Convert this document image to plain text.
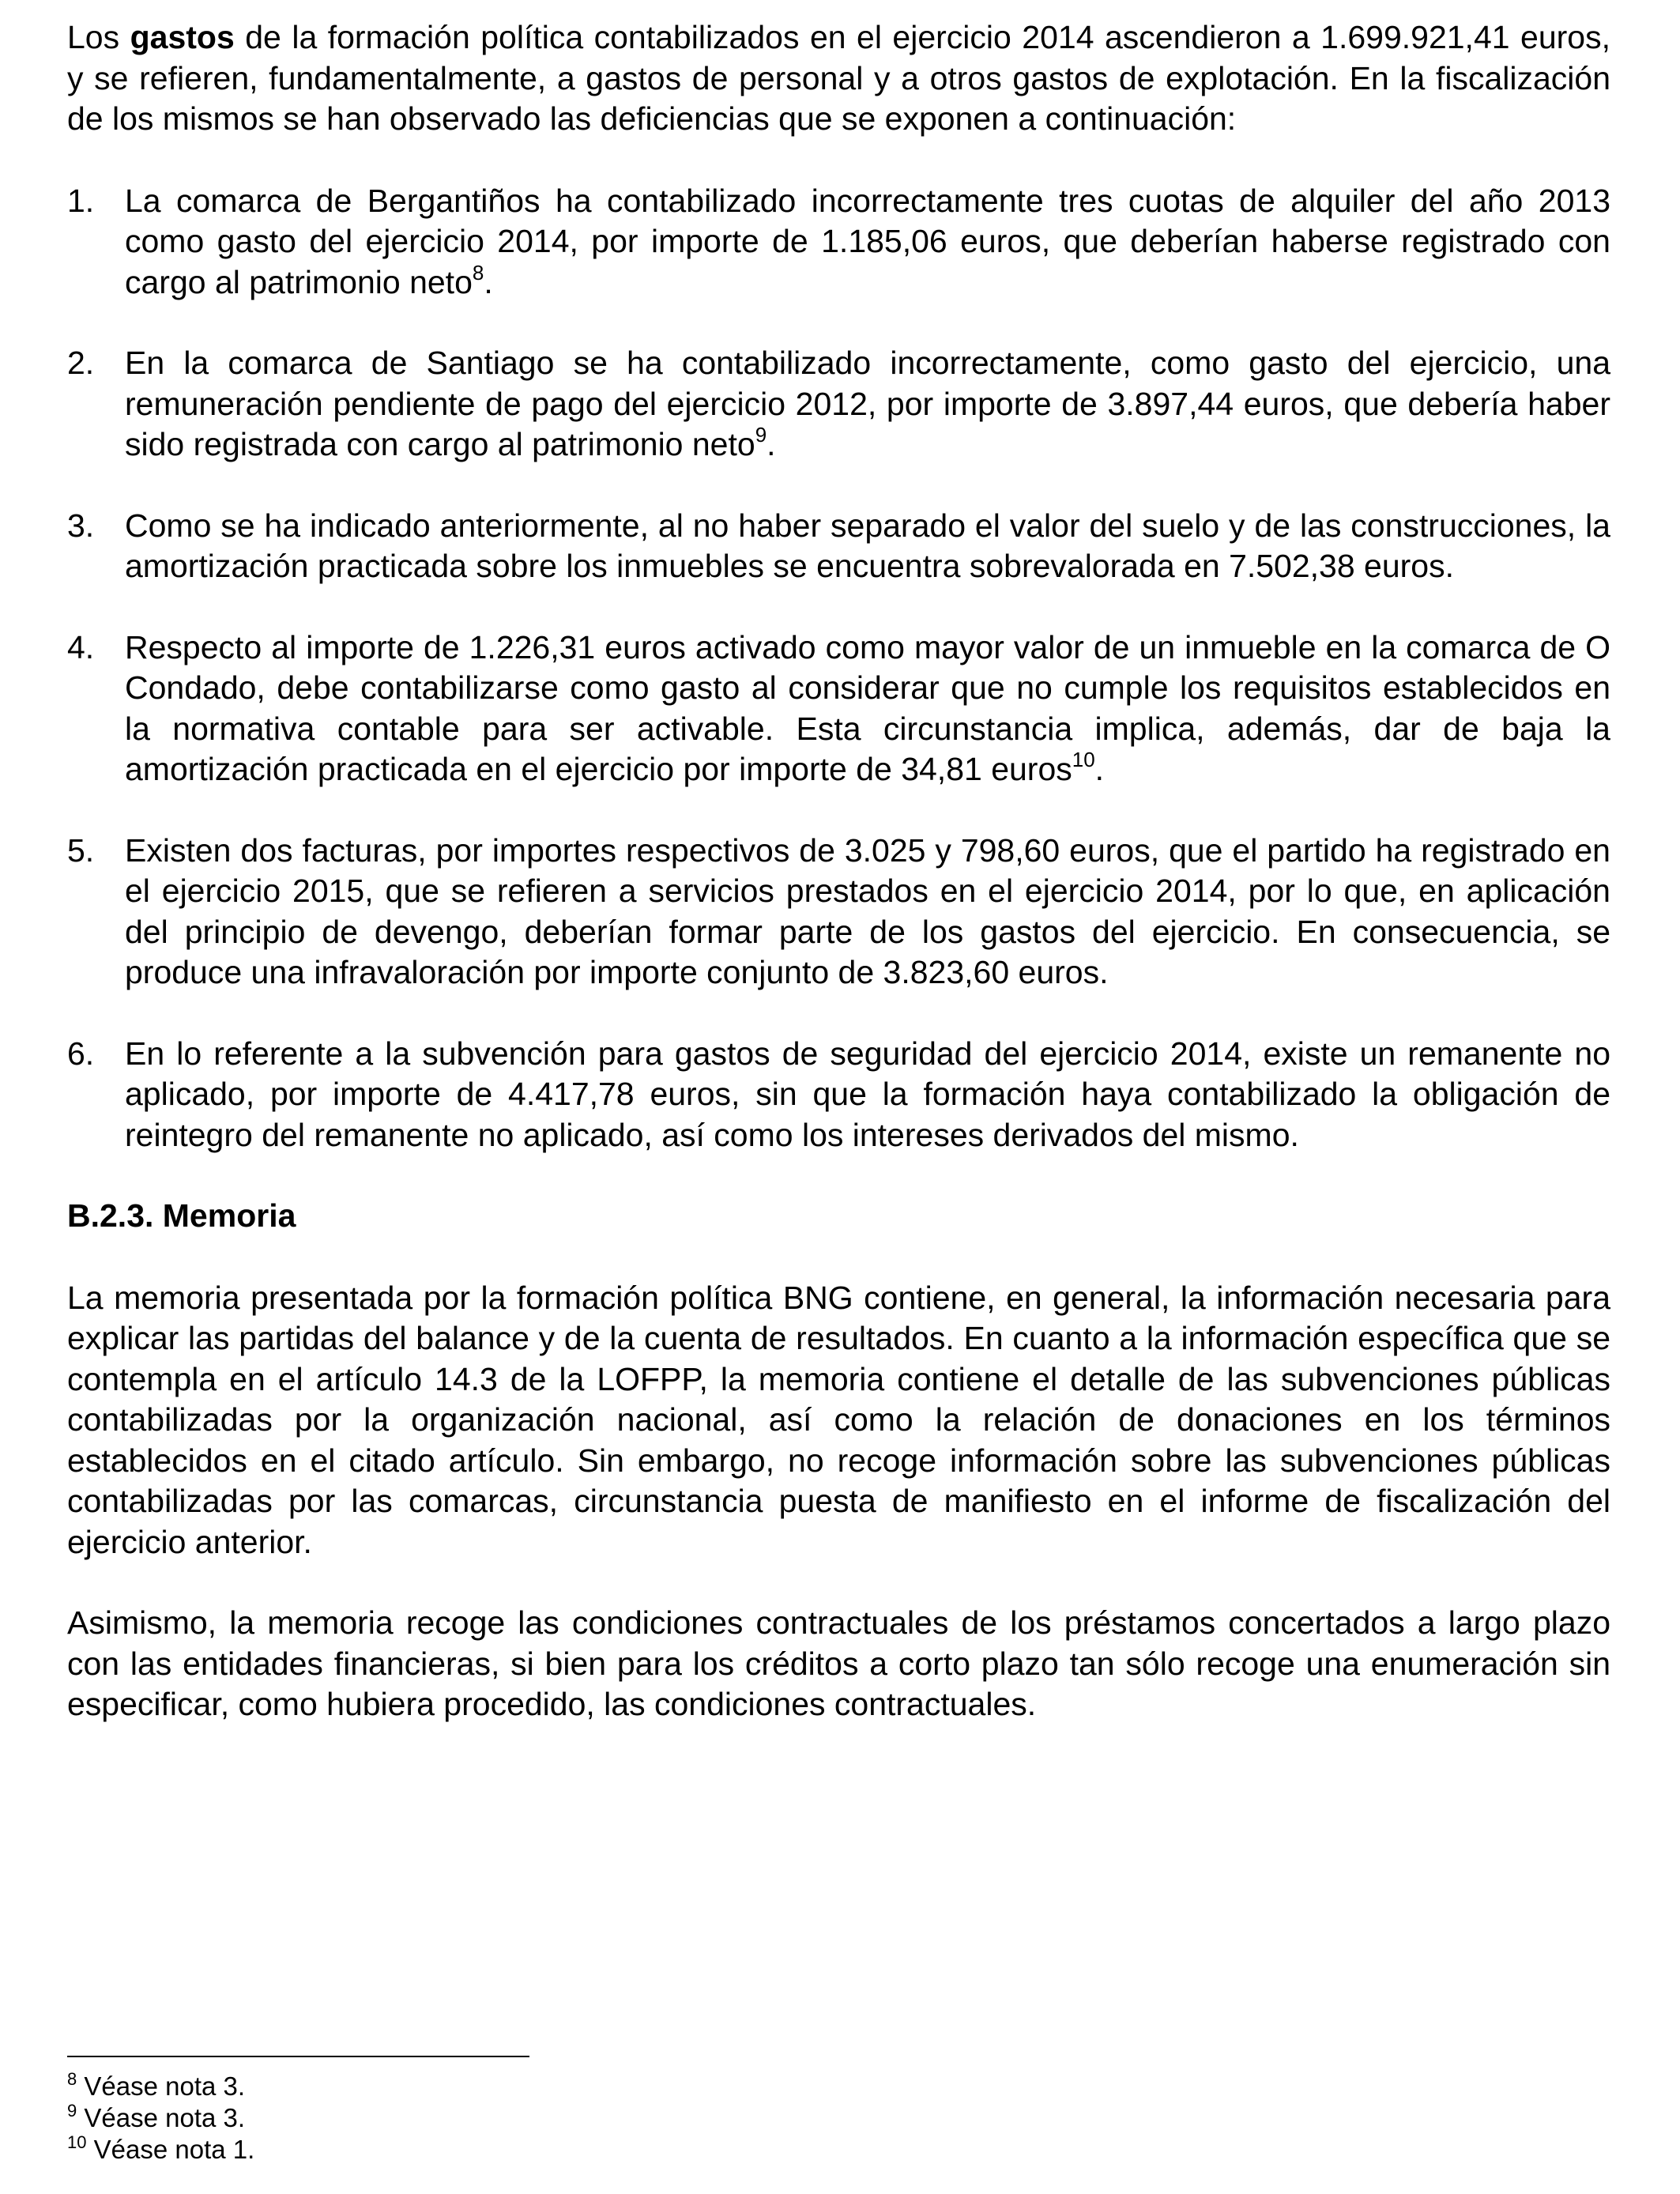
Los gastos de la formación política contabilizados en el ejercicio 2014 ascendieron a 1.699.921,41 euros, y se refieren, fundamentalmente, a gastos de personal y a otros gastos de explotación. En la fiscalización de los mismos se han observado las deficiencias que se exponen a continuación:

1. La comarca de Bergantiños ha contabilizado incorrectamente tres cuotas de alquiler del año 2013 como gasto del ejercicio 2014, por importe de 1.185,06 euros, que deberían haberse registrado con cargo al patrimonio neto$^8$.
2. En la comarca de Santiago se ha contabilizado incorrectamente, como gasto del ejercicio, una remuneración pendiente de pago del ejercicio 2012, por importe de 3.897,44 euros, que debería haber sido registrada con cargo al patrimonio neto$^9$.
3. Como se ha indicado anteriormente, al no haber separado el valor del suelo y de las construcciones, la amortización practicada sobre los inmuebles se encuentra sobrevalorada en 7.502,38 euros.
4. Respecto al importe de 1.226,31 euros activado como mayor valor de un inmueble en la comarca de O Condado, debe contabilizarse como gasto al considerar que no cumple los requisitos establecidos en la normativa contable para ser activable. Esta circunstancia implica, además, dar de baja la amortización practicada en el ejercicio por importe de 34,81 euros$^{10}$.
5. Existen dos facturas, por importes respectivos de 3.025 y 798,60 euros, que el partido ha registrado en el ejercicio 2015, que se refieren a servicios prestados en el ejercicio 2014, por lo que, en aplicación del principio de devengo, deberían formar parte de los gastos del ejercicio. En consecuencia, se produce una infravaloración por importe conjunto de 3.823,60 euros.
6. En lo referente a la subvención para gastos de seguridad del ejercicio 2014, existe un remanente no aplicado, por importe de 4.417,78 euros, sin que la formación haya contabilizado la obligación de reintegro del remanente no aplicado, así como los intereses derivados del mismo.
B.2.3. Memoria

La memoria presentada por la formación política BNG contiene, en general, la información necesaria para explicar las partidas del balance y de la cuenta de resultados. En cuanto a la información específica que se contempla en el artículo 14.3 de la LOFPP, la memoria contiene el detalle de las subvenciones públicas contabilizadas por la organización nacional, así como la relación de donaciones en los términos establecidos en el citado artículo. Sin embargo, no recoge información sobre las subvenciones públicas contabilizadas por las comarcas, circunstancia puesta de manifiesto en el informe de fiscalización del ejercicio anterior.

Asimismo, la memoria recoge las condiciones contractuales de los préstamos concertados a largo plazo con las entidades financieras, si bien para los créditos a corto plazo tan sólo recoge una enumeración sin especificar, como hubiera procedido, las condiciones contractuales.

$^8$ Véase nota 3.
$^9$ Véase nota 3.
$^{10}$ Véase nota 1.
